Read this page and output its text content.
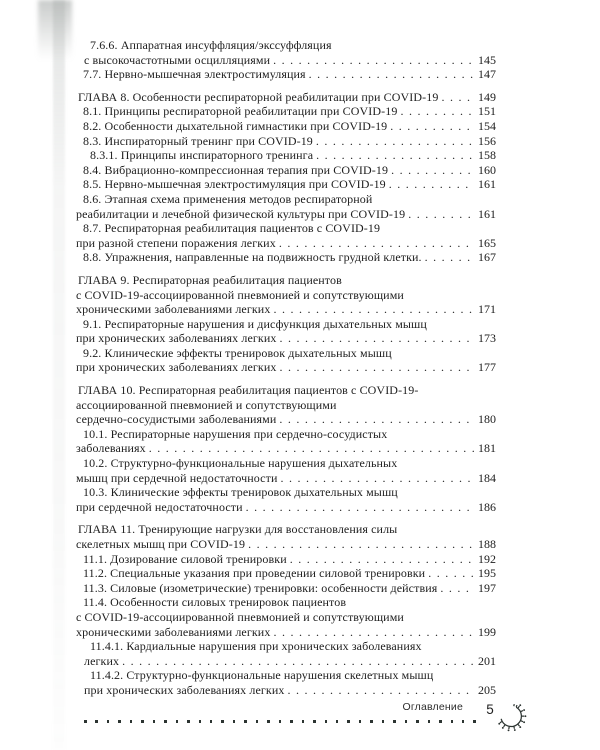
7.6.6. Аппаратная инсуффляция/экссуффляция
с высокочастотными осцилляциями .....	145
7.7. Нервно-мышечная электростимуляция .....	147
ГЛАВА 8. Особенности респираторной реабилитации при COVID-19 .....	149
8.1. Принципы респираторной реабилитации при COVID-19 .....	151
8.2. Особенности дыхательной гимнастики при COVID-19 .....	154
8.3. Инспираторный тренинг при COVID-19 .....	156
8.3.1. Принципы инспираторного тренинга .....	158
8.4. Вибрационно-компрессионная терапия при COVID-19 .....	160
8.5. Нервно-мышечная электростимуляция при COVID-19 .....	161
8.6. Этапная схема применения методов респираторной
реабилитации и лечебной физической культуры при COVID-19 .....	161
8.7. Респираторная реабилитация пациентов с COVID-19
при разной степени поражения легких .....	165
8.8. Упражнения, направленные на подвижность грудной клетки. .....	167
ГЛАВА 9. Респираторная реабилитация пациентов
с COVID-19-ассоциированной пневмонией и сопутствующими
хроническими заболеваниями легких .....	171
9.1. Респираторные нарушения и дисфункция дыхательных мышц
при хронических заболеваниях легких .....	173
9.2. Клинические эффекты тренировок дыхательных мышц
при хронических заболеваниях легких .....	177
ГЛАВА 10. Респираторная реабилитация пациентов с COVID-19-
ассоциированной пневмонией и сопутствующими
сердечно-сосудистыми заболеваниями .....	180
10.1. Респираторные нарушения при сердечно-сосудистых
заболеваниях .....	181
10.2. Структурно-функциональные нарушения дыхательных
мышц при сердечной недостаточности .....	184
10.3. Клинические эффекты тренировок дыхательных мышц
при сердечной недостаточности .....	186
ГЛАВА 11. Тренирующие нагрузки для восстановления силы
скелетных мышц при COVID-19 .....	188
11.1. Дозирование силовой тренировки .....	192
11.2. Специальные указания при проведении силовой тренировки .....	195
11.3. Силовые (изометрические) тренировки: особенности действия .....	197
11.4. Особенности силовых тренировок пациентов
с COVID-19-ассоциированной пневмонией и сопутствующими
хроническими заболеваниями легких .....	199
11.4.1. Кардиальные нарушения при хронических заболеваниях
легких .....	201
11.4.2. Структурно-функциональные нарушения скелетных мышц
при хронических заболеваниях легких .....	205
Оглавление	5
